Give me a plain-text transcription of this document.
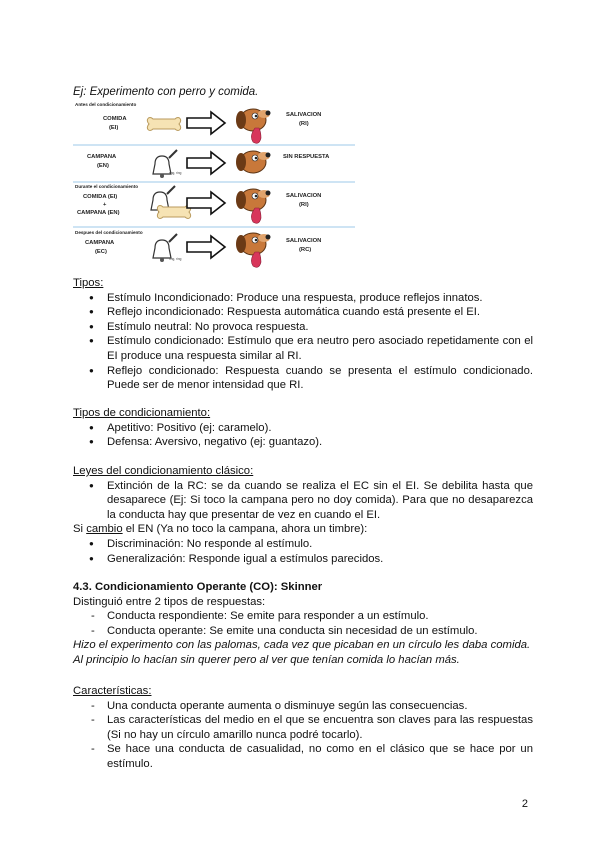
Ej: Experimento con perro y comida.
Antes del condicionamiento
COMIDA
(EI)
SALIVACION
(RI)
CAMPANA
(EN)
ring, ring
SIN RESPUESTA
Durante el condicionamiento
COMIDA (EI)
+
CAMPANA (EN)
SALIVACION
(RI)
Despues del condicionamiento
CAMPANA
(EC)
ring, ring
SALIVACION
(RC)
Tipos:
● Estímulo Incondicionado: Produce una respuesta, produce reflejos innatos.
● Reflejo incondicionado: Respuesta automática cuando está presente el EI.
● Estímulo neutral: No provoca respuesta.
● Estímulo condicionado: Estímulo que era neutro pero asociado repetidamente con el EI produce una respuesta similar al RI.
● Reflejo condicionado: Respuesta cuando se presenta el estímulo condicionado. Puede ser de menor intensidad que RI.
Tipos de condicionamiento:
● Apetitivo: Positivo (ej: caramelo).
● Defensa: Aversivo, negativo (ej: guantazo).
Leyes del condicionamiento clásico:
● Extinción de la RC: se da cuando se realiza el EC sin el EI. Se debilita hasta que desaparece (Ej: Si toco la campana pero no doy comida). Para que no desaparezca la conducta hay que presentar de vez en cuando el EI.
Si cambio el EN (Ya no toco la campana, ahora un timbre):
● Discriminación: No responde al estímulo.
● Generalización: Responde igual a estímulos parecidos.
4.3. Condicionamiento Operante (CO): Skinner
Distinguió entre 2 tipos de respuestas:
- Conducta respondiente: Se emite para responder a un estímulo.
- Conducta operante: Se emite una conducta sin necesidad de un estímulo.
Hizo el experimento con las palomas, cada vez que picaban en un círculo les daba comida. Al principio lo hacían sin querer pero al ver que tenían comida lo hacían más.
Características:
- Una conducta operante aumenta o disminuye según las consecuencias.
- Las características del medio en el que se encuentra son claves para las respuestas (Si no hay un círculo amarillo nunca podré tocarlo).
- Se hace una conducta de casualidad, no como en el clásico que se hace por un estímulo.
2
